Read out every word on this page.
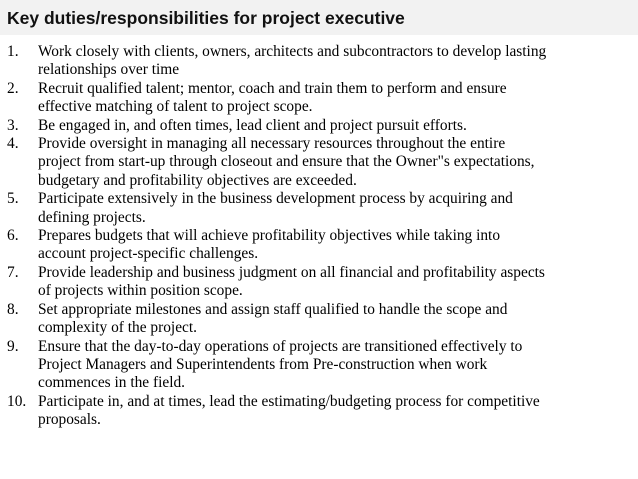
Key duties/responsibilities for project executive
1.	Work closely with clients, owners, architects and subcontractors to develop lasting
relationships over time
2.	Recruit qualified talent; mentor, coach and train them to perform and ensure
effective matching of talent to project scope.
3.	Be engaged in, and often times, lead client and project pursuit efforts.
4.	Provide oversight in managing all necessary resources throughout the entire
project from start-up through closeout and ensure that the Owner"s expectations,
budgetary and profitability objectives are exceeded.
5.	Participate extensively in the business development process by acquiring and
defining projects.
6.	Prepares budgets that will achieve profitability objectives while taking into
account project-specific challenges.
7.	Provide leadership and business judgment on all financial and profitability aspects
of projects within position scope.
8.	Set appropriate milestones and assign staff qualified to handle the scope and
complexity of the project.
9.	Ensure that the day-to-day operations of projects are transitioned effectively to
Project Managers and Superintendents from Pre-construction when work
commences in the field.
10. Participate in, and at times, lead the estimating/budgeting process for competitive
proposals.
